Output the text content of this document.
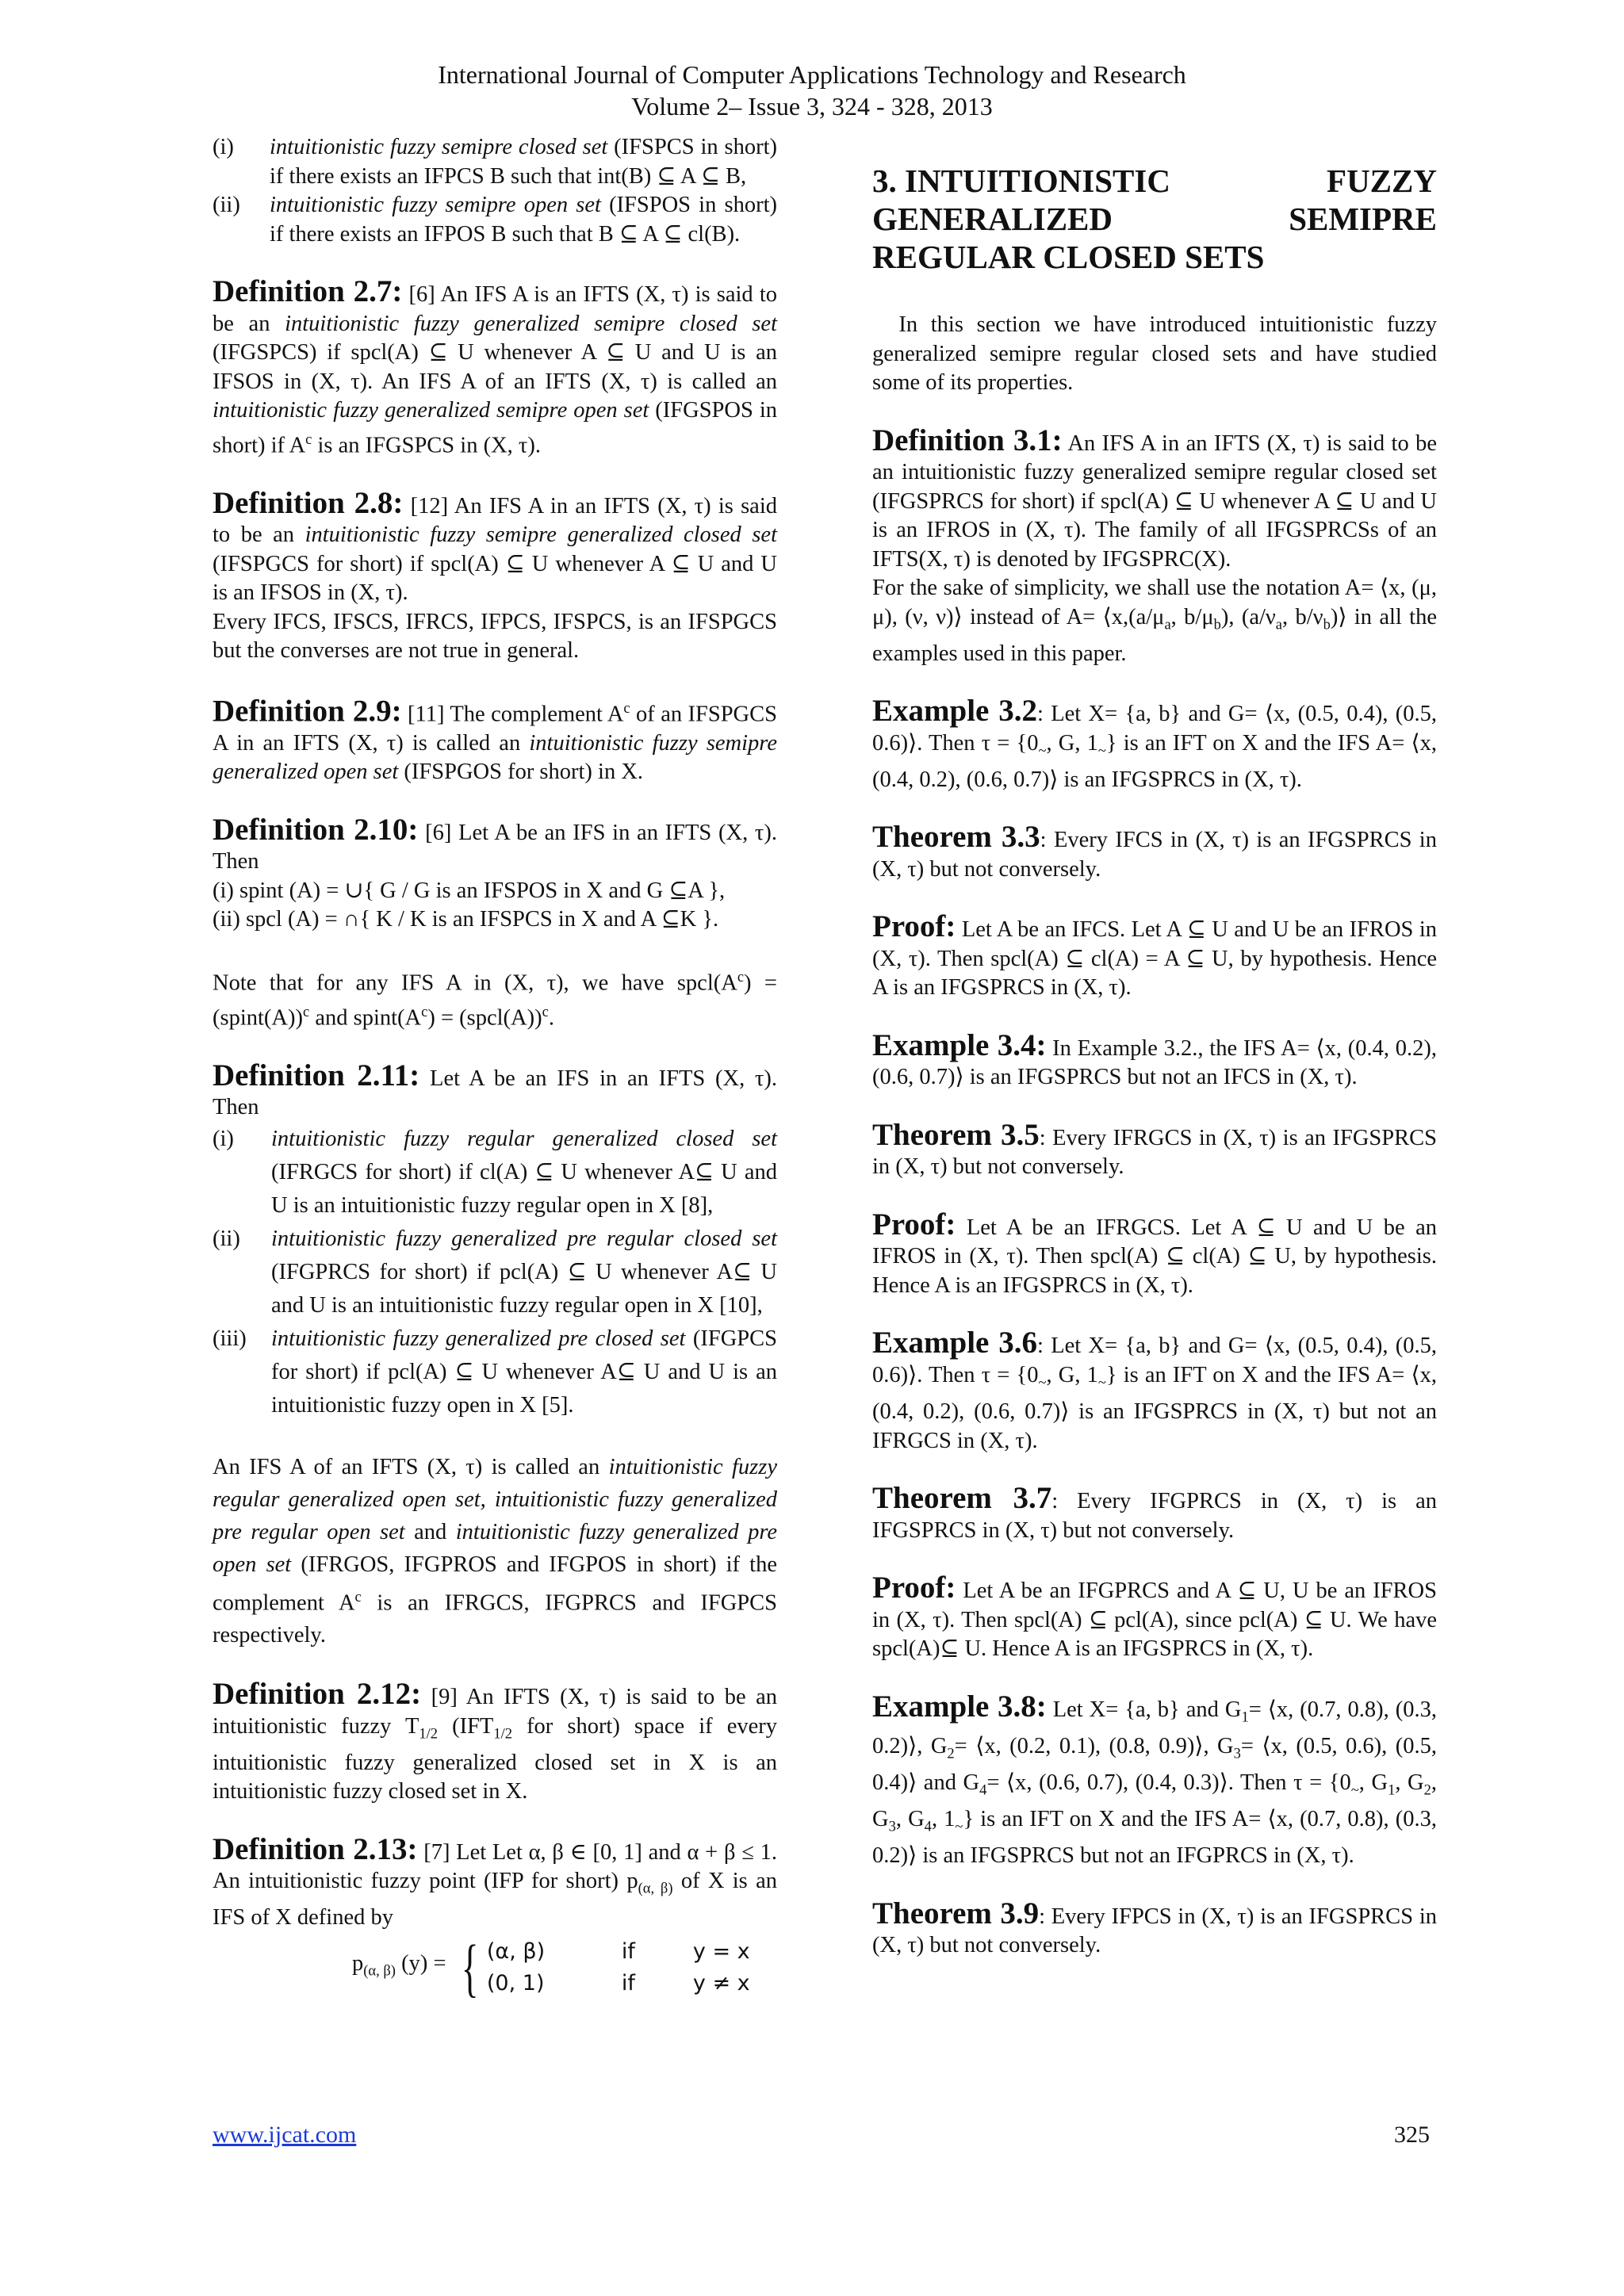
International Journal of Computer Applications Technology and Research
Volume 2– Issue 3, 324 - 328, 2013
(i)	intuitionistic fuzzy semipre closed set (IFSPCS in short) if there exists an IFPCS B such that int(B) ⊆ A ⊆ B,
(ii)	intuitionistic fuzzy semipre open set (IFSPOS in short) if there exists an IFPOS B such that B ⊆ A ⊆ cl(B).

Definition 2.7: [6] An IFS A is an IFTS (X, τ) is said to be an intuitionistic fuzzy generalized semipre closed set (IFGSPCS) if spcl(A) ⊆ U whenever A ⊆ U and U is an IFSOS in (X, τ). An IFS A of an IFTS (X, τ) is called an intuitionistic fuzzy generalized semipre open set (IFGSPOS in short) if $A^c$ is an IFGSPCS in (X, τ).

Definition 2.8: [12] An IFS A in an IFTS (X, τ) is said to be an intuitionistic fuzzy semipre generalized closed set (IFSPGCS for short) if spcl(A) ⊆ U whenever A ⊆ U and U is an IFSOS in (X, τ).

Every IFCS, IFSCS, IFRCS, IFPCS, IFSPCS, is an IFSPGCS but the converses are not true in general.

Definition 2.9: [11] The complement $A^c$ of an IFSPGCS A in an IFTS (X, τ) is called an intuitionistic fuzzy semipre generalized open set (IFSPGOS for short) in X.

Definition 2.10: [6] Let A be an IFS in an IFTS (X, τ). Then

(i) spint (A) = ∪{ G / G is an IFSPOS in X and G ⊆A },

(ii) spcl (A) = ∩{ K / K is an IFSPCS in X and A ⊆K }.

Note that for any IFS A in (X, τ), we have $spcl(A^c)$ = (spint(A))$^c$ and $spint(A^c)$ = (spcl(A))$^c$.

Definition 2.11: Let A be an IFS in an IFTS (X, τ). Then

(i)	intuitionistic fuzzy regular generalized closed set (IFRGCS for short) if cl(A) ⊆ U whenever A⊆ U and U is an intuitionistic fuzzy regular open in X [8],
(ii)	intuitionistic fuzzy generalized pre regular closed set (IFGPRCS for short) if pcl(A) ⊆ U whenever A⊆ U and U is an intuitionistic fuzzy regular open in X [10],
(iii)	intuitionistic fuzzy generalized pre closed set (IFGPCS for short) if pcl(A) ⊆ U whenever A⊆ U and U is an intuitionistic fuzzy open in X [5].

An IFS A of an IFTS (X, τ) is called an intuitionistic fuzzy regular generalized open set, intuitionistic fuzzy generalized pre regular open set and intuitionistic fuzzy generalized pre open set (IFRGOS, IFGPROS and IFGPOS in short) if the complement $A^c$ is an IFRGCS, IFGPRCS and IFGPCS respectively.

Definition 2.12: [9] An IFTS (X, τ) is said to be an intuitionistic fuzzy $T_{1/2}$ ($IFT_{1/2}$ for short) space if every intuitionistic fuzzy generalized closed set in X is an intuitionistic fuzzy closed set in X.

Definition 2.13: [7] Let Let α, β ∈ [0, 1] and α + β ≤ 1. An intuitionistic fuzzy point (IFP for short) $p_{(\alpha, \beta)}$ of X is an IFS of X defined by

$p_{(\alpha, \beta)}$ (y) = { (α, β)	if	y = x
(0, 1)	if	y ≠ x
3. INTUITIONISTIC	FUZZY
GENERALIZED	SEMIPRE
REGULAR CLOSED SETS

In this section we have introduced intuitionistic fuzzy generalized semipre regular closed sets and have studied some of its properties.

Definition 3.1: An IFS A in an IFTS (X, τ) is said to be an intuitionistic fuzzy generalized semipre regular closed set (IFGSPRCS for short) if spcl(A) ⊆ U whenever A ⊆ U and U is an IFROS in (X, τ). The family of all IFGSPRCSs of an IFTS(X, τ) is denoted by IFGSPRC(X).

For the sake of simplicity, we shall use the notation A= ⟨x, (μ, μ), (ν, ν)⟩ instead of $A= ⟨x,(a/\mu_a$, $b/\mu_b$), ($a/\nu_a$, $b/\nu_b)⟩$ in all the examples used in this paper.

Example 3.2: Let X= {a, b} and G= ⟨x, (0.5, 0.4), (0.5, 0.6)⟩. Then $\tau = \{0_\sim$, G, $1_\sim$} is an IFT on X and the IFS A= ⟨x, (0.4, 0.2), (0.6, 0.7)⟩ is an IFGSPRCS in (X, τ).

Theorem 3.3: Every IFCS in (X, τ) is an IFGSPRCS in (X, τ) but not conversely.

Proof: Let A be an IFCS. Let A ⊆ U and U be an IFROS in (X, τ). Then spcl(A) ⊆ cl(A) = A ⊆ U, by hypothesis. Hence A is an IFGSPRCS in (X, τ).

Example 3.4: In Example 3.2., the IFS A= ⟨x, (0.4, 0.2), (0.6, 0.7)⟩ is an IFGSPRCS but not an IFCS in (X, τ).

Theorem 3.5: Every IFRGCS in (X, τ) is an IFGSPRCS in (X, τ) but not conversely.

Proof: Let A be an IFRGCS. Let A ⊆ U and U be an IFROS in (X, τ). Then spcl(A) ⊆ cl(A) ⊆ U, by hypothesis. Hence A is an IFGSPRCS in (X, τ).

Example 3.6: Let X= {a, b} and G= ⟨x, (0.5, 0.4), (0.5, 0.6)⟩. Then $\tau = \{0_\sim$, G, $1_\sim$} is an IFT on X and the IFS A= ⟨x, (0.4, 0.2), (0.6, 0.7)⟩ is an IFGSPRCS in (X, τ) but not an IFRGCS in (X, τ).

Theorem 3.7: Every IFGPRCS in (X, τ) is an IFGSPRCS in (X, τ) but not conversely.

Proof: Let A be an IFGPRCS and A ⊆ U, U be an IFROS in (X, τ). Then spcl(A) ⊆ pcl(A), since pcl(A) ⊆ U. We have spcl(A)⊆ U. Hence A is an IFGSPRCS in (X, τ).

Example 3.8: Let X= {a, b} and $G_1=$ ⟨x, (0.7, 0.8), (0.3, 0.2)⟩, $G_2=$ ⟨x, (0.2, 0.1), (0.8, 0.9)⟩, $G_3=$ ⟨x, (0.5, 0.6), (0.5, 0.4)⟩ and $G_4=$ ⟨x, (0.6, 0.7), (0.4, 0.3)⟩. Then $\tau = \{0_\sim$, $G_1$, $G_2$, $G_3$, $G_4$, $1_\sim$} is an IFT on X and the IFS A= ⟨x, (0.7, 0.8), (0.3, 0.2)⟩ is an IFGSPRCS but not an IFGPRCS in (X, τ).

Theorem 3.9: Every IFPCS in (X, τ) is an IFGSPRCS in (X, τ) but not conversely.

www.ijcat.com	325
